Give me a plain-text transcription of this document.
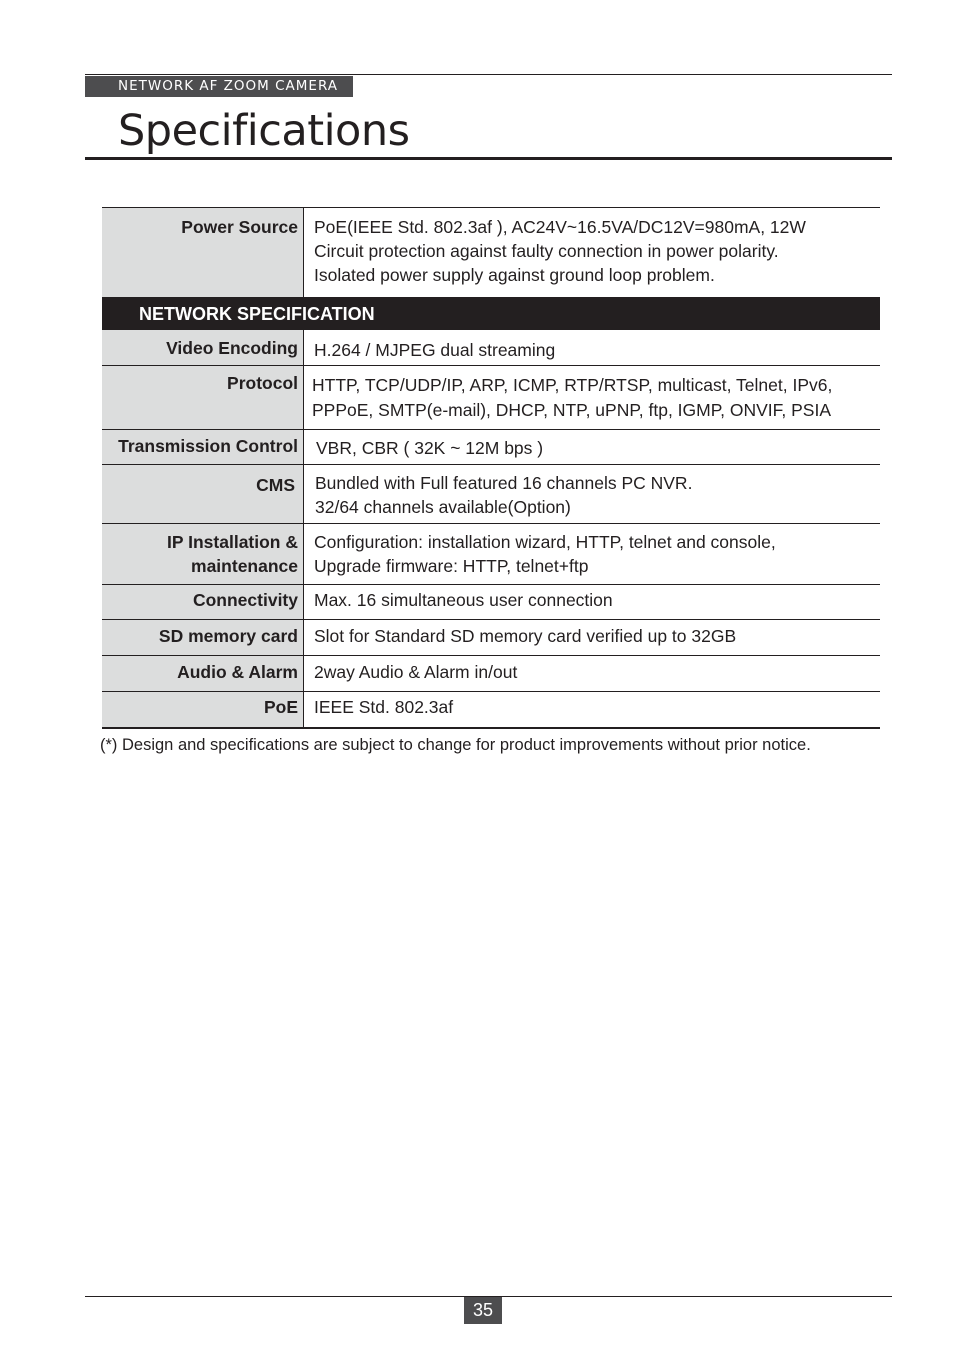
NETWORK AF ZOOM CAMERA
Specifications
Power Source PoE(IEEE Std. 802.3af ), AC24V~16.5VA/DC12V=980mA, 12W
Circuit protection against faulty connection in power polarity.
Isolated power supply against ground loop problem.
NETWORK SPECIFICATION
Video Encoding H.264 / MJPEG dual streaming
Protocol HTTP, TCP/UDP/IP, ARP, ICMP, RTP/RTSP, multicast, Telnet, IPv6,
PPPoE, SMTP(e-mail), DHCP, NTP, uPNP, ftp, IGMP, ONVIF, PSIA
Transmission Control VBR, CBR ( 32K ~ 12M bps )
CMS Bundled with Full featured 16 channels PC NVR.
32/64 channels available(Option)
IP Installation &
maintenance
Configuration: installation wizard, HTTP, telnet and console,
Upgrade firmware: HTTP, telnet+ftp
Connectivity Max. 16 simultaneous user connection
SD memory card Slot for Standard SD memory card verified up to 32GB
Audio & Alarm 2way Audio & Alarm in/out
PoE IEEE Std. 802.3af
(*) Design and specifications are subject to change for product improvements without prior notice.
35
